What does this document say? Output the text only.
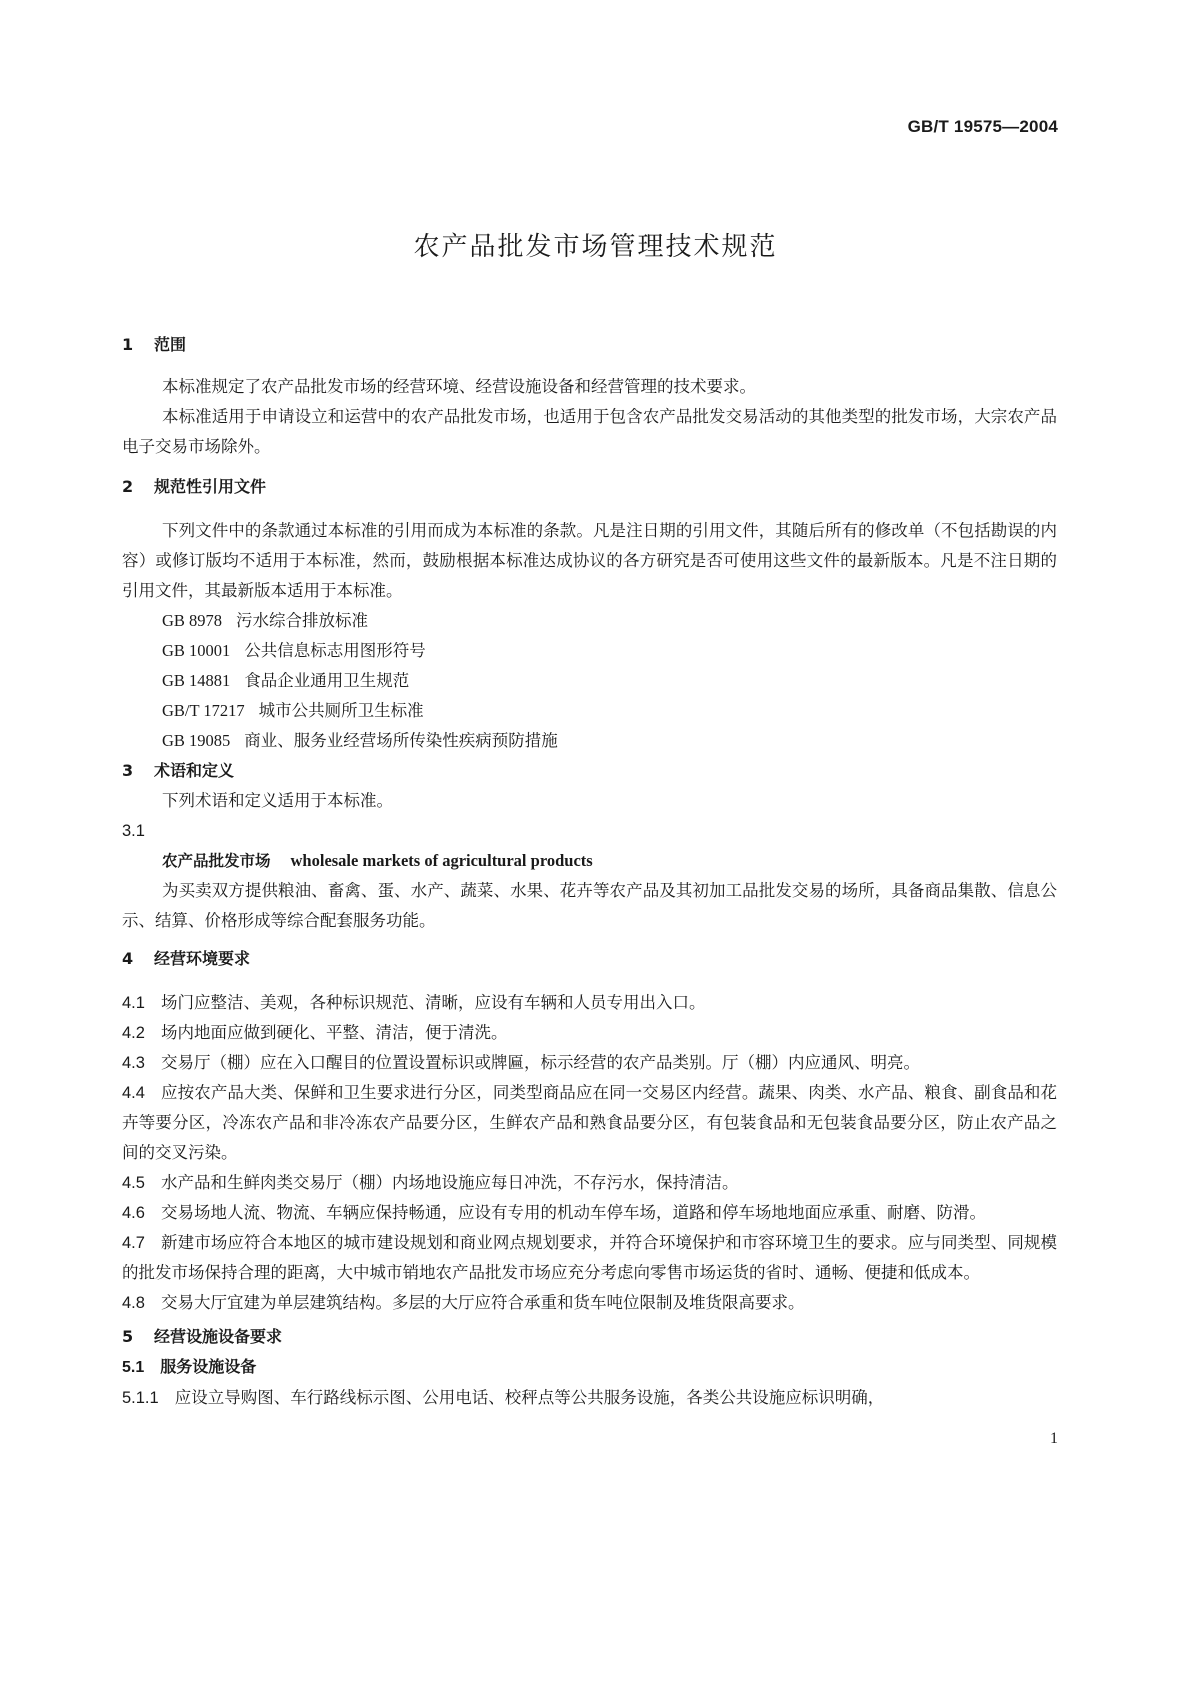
GB/T 19575—2004
农产品批发市场管理技术规范

1 范围

本标准规定了农产品批发市场的经营环境、经营设施设备和经营管理的技术要求。

本标准适用于申请设立和运营中的农产品批发市场，也适用于包含农产品批发交易活动的其他类型的批发市场，大宗农产品电子交易市场除外。

2 规范性引用文件

下列文件中的条款通过本标准的引用而成为本标准的条款。凡是注日期的引用文件，其随后所有的修改单（不包括勘误的内容）或修订版均不适用于本标准，然而，鼓励根据本标准达成协议的各方研究是否可使用这些文件的最新版本。凡是不注日期的引用文件，其最新版本适用于本标准。

GB 8978 污水综合排放标准

GB 10001 公共信息标志用图形符号

GB 14881 食品企业通用卫生规范

GB/T 17217 城市公共厕所卫生标准

GB 19085 商业、服务业经营场所传染性疾病预防措施

3 术语和定义

下列术语和定义适用于本标准。

3.1

农产品批发市场 wholesale markets of agricultural products

为买卖双方提供粮油、畜禽、蛋、水产、蔬菜、水果、花卉等农产品及其初加工品批发交易的场所，具备商品集散、信息公示、结算、价格形成等综合配套服务功能。

4 经营环境要求

4.1 场门应整洁、美观，各种标识规范、清晰，应设有车辆和人员专用出入口。

4.2 场内地面应做到硬化、平整、清洁，便于清洗。

4.3 交易厅（棚）应在入口醒目的位置设置标识或牌匾，标示经营的农产品类别。厅（棚）内应通风、明亮。

4.4 应按农产品大类、保鲜和卫生要求进行分区，同类型商品应在同一交易区内经营。蔬果、肉类、水产品、粮食、副食品和花卉等要分区，冷冻农产品和非冷冻农产品要分区，生鲜农产品和熟食品要分区，有包装食品和无包装食品要分区，防止农产品之间的交叉污染。

4.5 水产品和生鲜肉类交易厅（棚）内场地设施应每日冲洗，不存污水，保持清洁。

4.6 交易场地人流、物流、车辆应保持畅通，应设有专用的机动车停车场，道路和停车场地地面应承重、耐磨、防滑。

4.7 新建市场应符合本地区的城市建设规划和商业网点规划要求，并符合环境保护和市容环境卫生的要求。应与同类型、同规模的批发市场保持合理的距离，大中城市销地农产品批发市场应充分考虑向零售市场运货的省时、通畅、便捷和低成本。

4.8 交易大厅宜建为单层建筑结构。多层的大厅应符合承重和货车吨位限制及堆货限高要求。

5 经营设施设备要求

5.1 服务设施设备

5.1.1 应设立导购图、车行路线标示图、公用电话、校秤点等公共服务设施，各类公共设施应标识明确，

1
